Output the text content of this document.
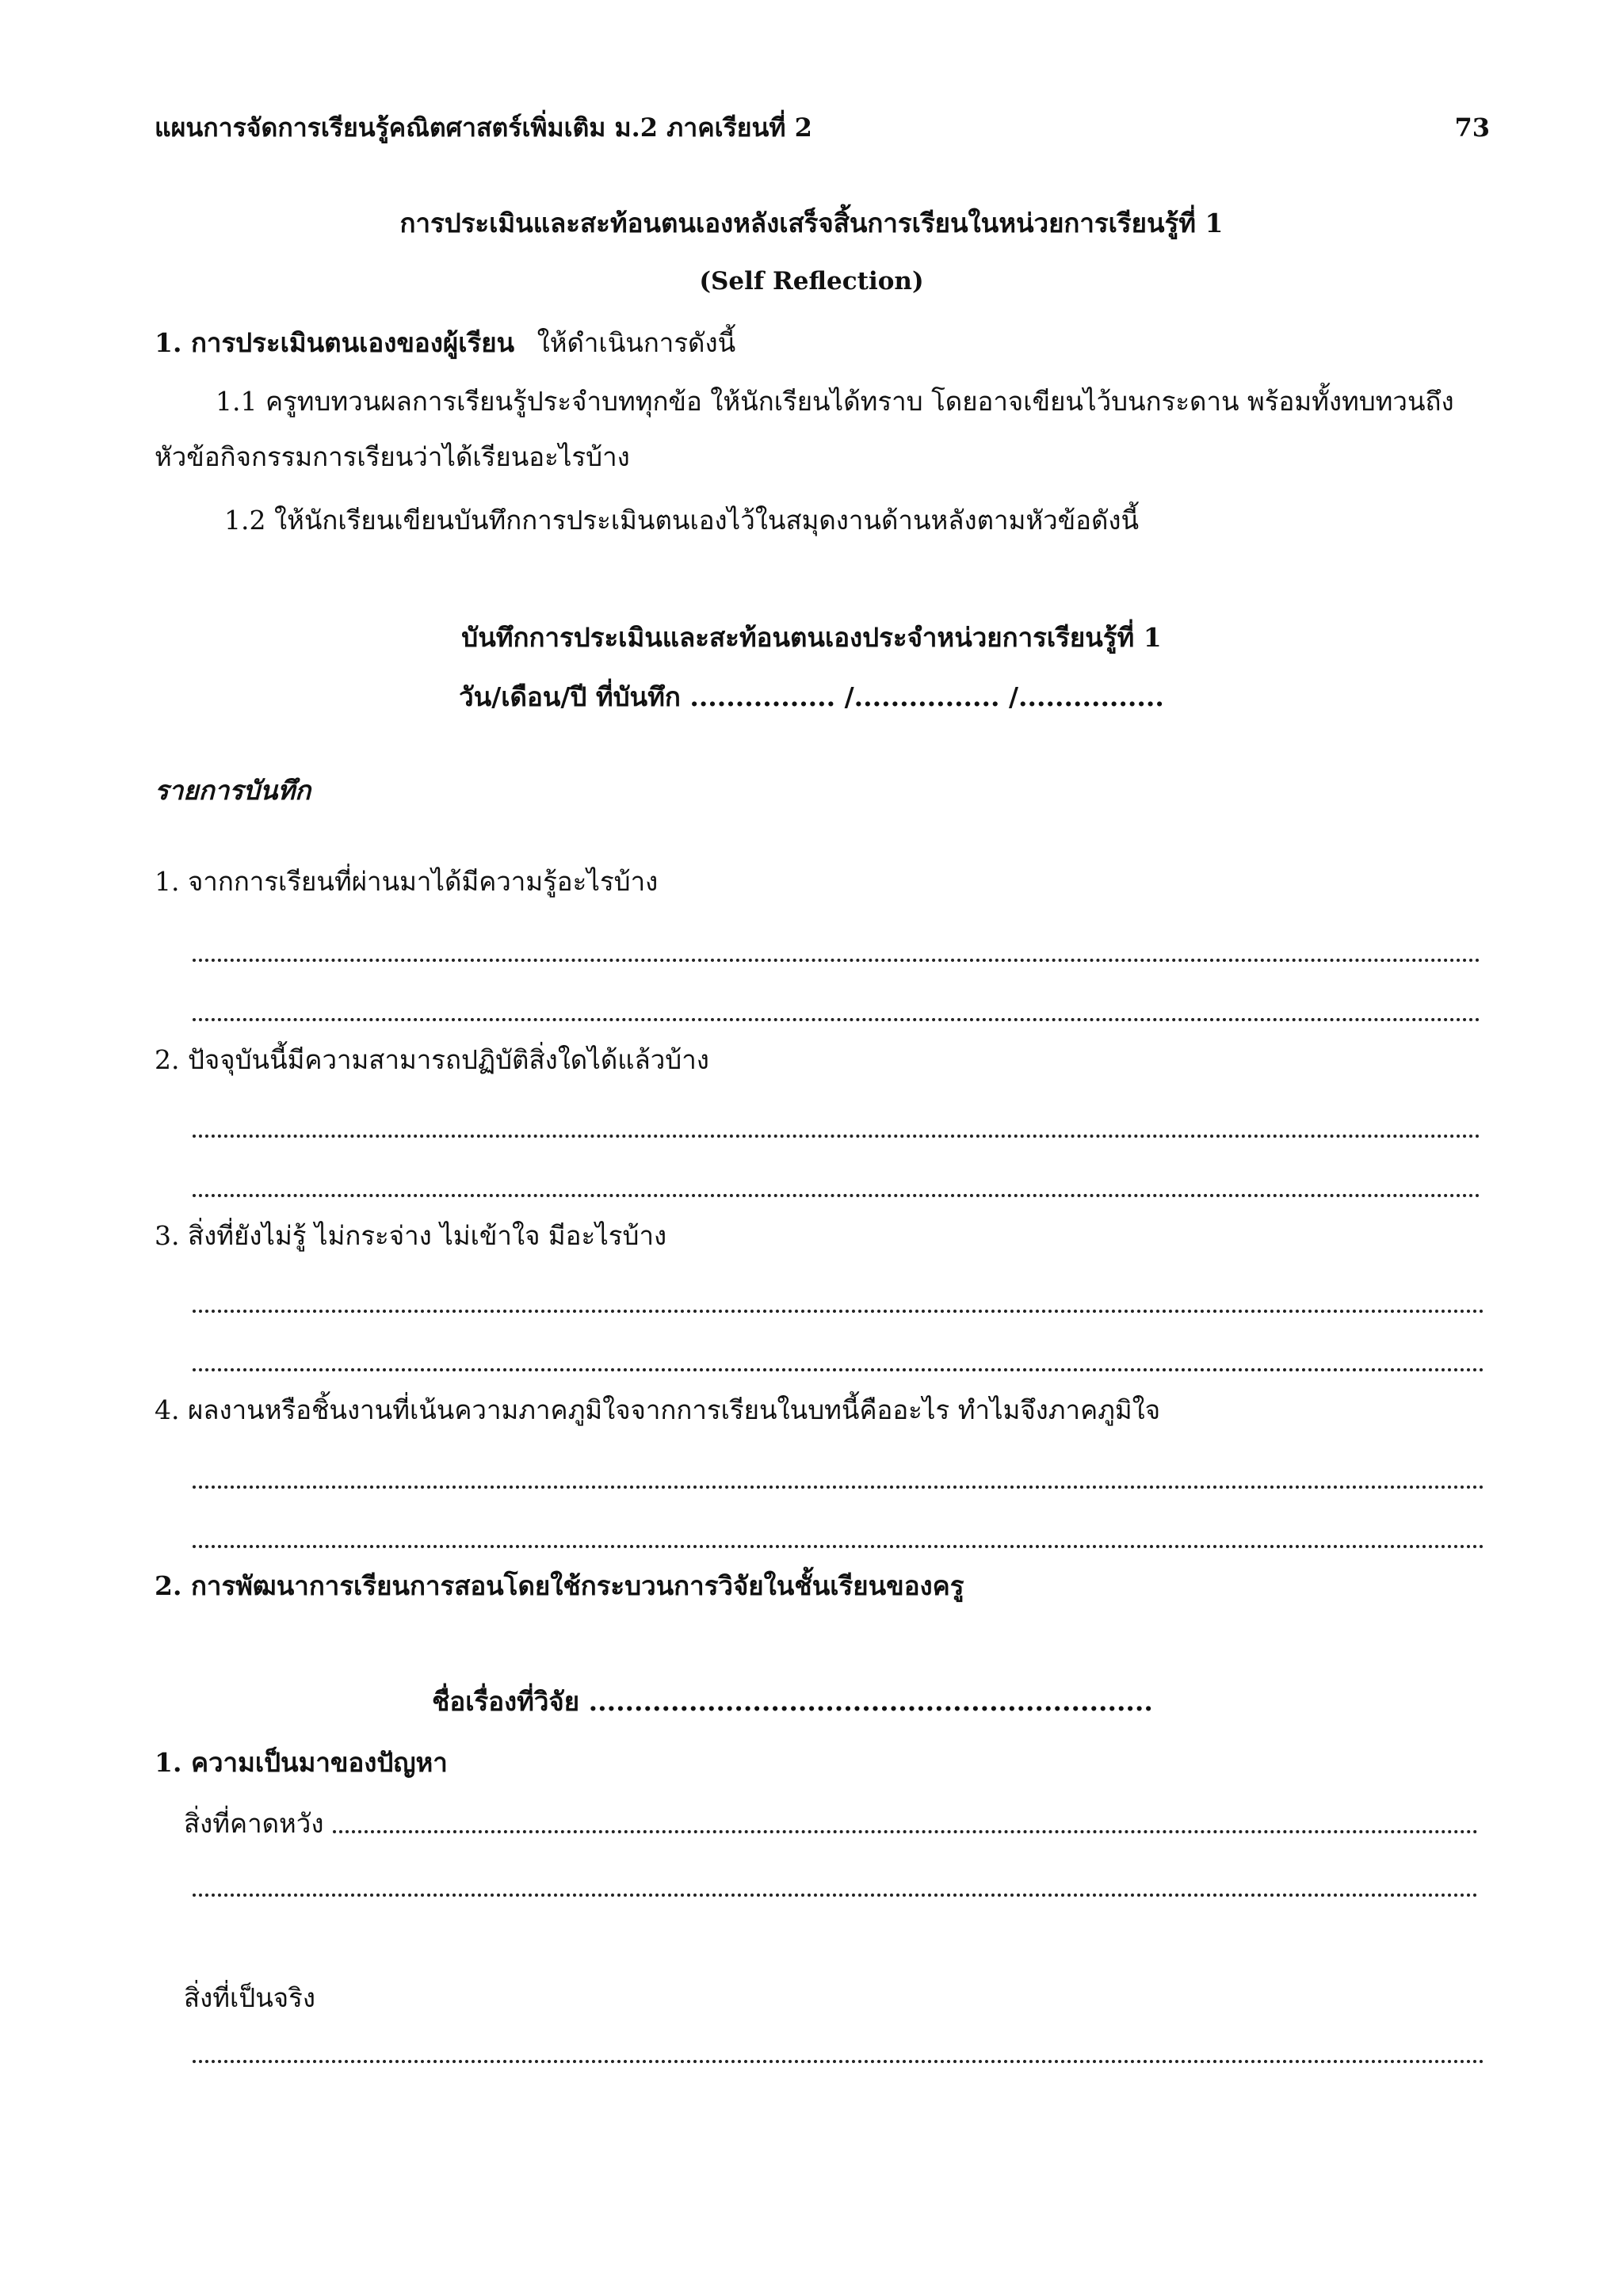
แผนการจัดการเรียนรู้คณิตศาสตร์เพิ่มเติม ม.2 ภาคเรียนที่ 2	73
การประเมินและสะท้อนตนเองหลังเสร็จสิ้นการเรียนในหน่วยการเรียนรู้ที่ 1
(Self Reflection)
1. การประเมินตนเองของผู้เรียน ให้ดำเนินการดังนี้
1.1 ครูทบทวนผลการเรียนรู้ประจำบททุกข้อ ให้นักเรียนได้ทราบ โดยอาจเขียนไว้บนกระดาน พร้อมทั้งทบทวนถึง
หัวข้อกิจกรรมการเรียนว่าได้เรียนอะไรบ้าง
1.2 ให้นักเรียนเขียนบันทึกการประเมินตนเองไว้ในสมุดงานด้านหลังตามหัวข้อดังนี้
บันทึกการประเมินและสะท้อนตนเองประจำหน่วยการเรียนรู้ที่ 1
วัน/เดือน/ปี ที่บันทึก ................ /................ /................
รายการบันทึก
1. จากการเรียนที่ผ่านมาได้มีความรู้อะไรบ้าง
2. ปัจจุบันนี้มีความสามารถปฏิบัติสิ่งใดได้แล้วบ้าง
3. สิ่งที่ยังไม่รู้ ไม่กระจ่าง ไม่เข้าใจ มีอะไรบ้าง
4. ผลงานหรือชิ้นงานที่เน้นความภาคภูมิใจจากการเรียนในบทนี้คืออะไร ทำไมจึงภาคภูมิใจ
2. การพัฒนาการเรียนการสอนโดยใช้กระบวนการวิจัยในชั้นเรียนของครู
ชื่อเรื่องที่วิจัย ..............................................................
1. ความเป็นมาของปัญหา
สิ่งที่คาดหวัง
สิ่งที่เป็นจริง
